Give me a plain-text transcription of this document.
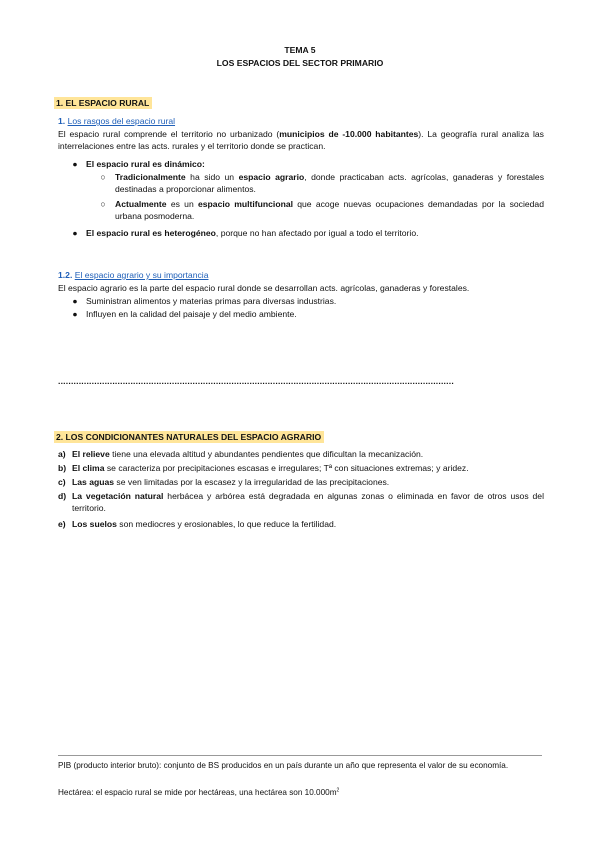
TEMA 5
LOS ESPACIOS DEL SECTOR PRIMARIO
1. EL ESPACIO RURAL
1. Los rasgos del espacio rural
El espacio rural comprende el territorio no urbanizado (municipios de -10.000 habitantes). La geografía rural analiza las interrelaciones entre las acts. rurales y el territorio donde se practican.
● El espacio rural es dinámico:
○ Tradicionalmente ha sido un espacio agrario, donde practicaban acts. agrícolas, ganaderas y forestales destinadas a proporcionar alimentos.
○ Actualmente es un espacio multifuncional que acoge nuevas ocupaciones demandadas por la sociedad urbana posmoderna.
● El espacio rural es heterogéneo, porque no han afectado por igual a todo el territorio.
1.2. El espacio agrario y su importancia
El espacio agrario es la parte del espacio rural donde se desarrollan acts. agrícolas, ganaderas y forestales.
● Suministran alimentos y materias primas para diversas industrias.
● Influyen en la calidad del paisaje y del medio ambiente.
.........................................................................................................................................................
2. LOS CONDICIONANTES NATURALES DEL ESPACIO AGRARIO
a) El relieve tiene una elevada altitud y abundantes pendientes que dificultan la mecanización.
b) El clima se caracteriza por precipitaciones escasas e irregulares; Tª con situaciones extremas; y aridez.
c) Las aguas se ven limitadas por la escasez y la irregularidad de las precipitaciones.
d) La vegetación natural herbácea y arbórea está degradada en algunas zonas o eliminada en favor de otros usos del territorio.
e) Los suelos son mediocres y erosionables, lo que reduce la fertilidad.
PIB (producto interior bruto): conjunto de BS producidos en un país durante un año que representa el valor de su economía.
Hectárea: el espacio rural se mide por hectáreas, una hectárea son $10.000m^2$
